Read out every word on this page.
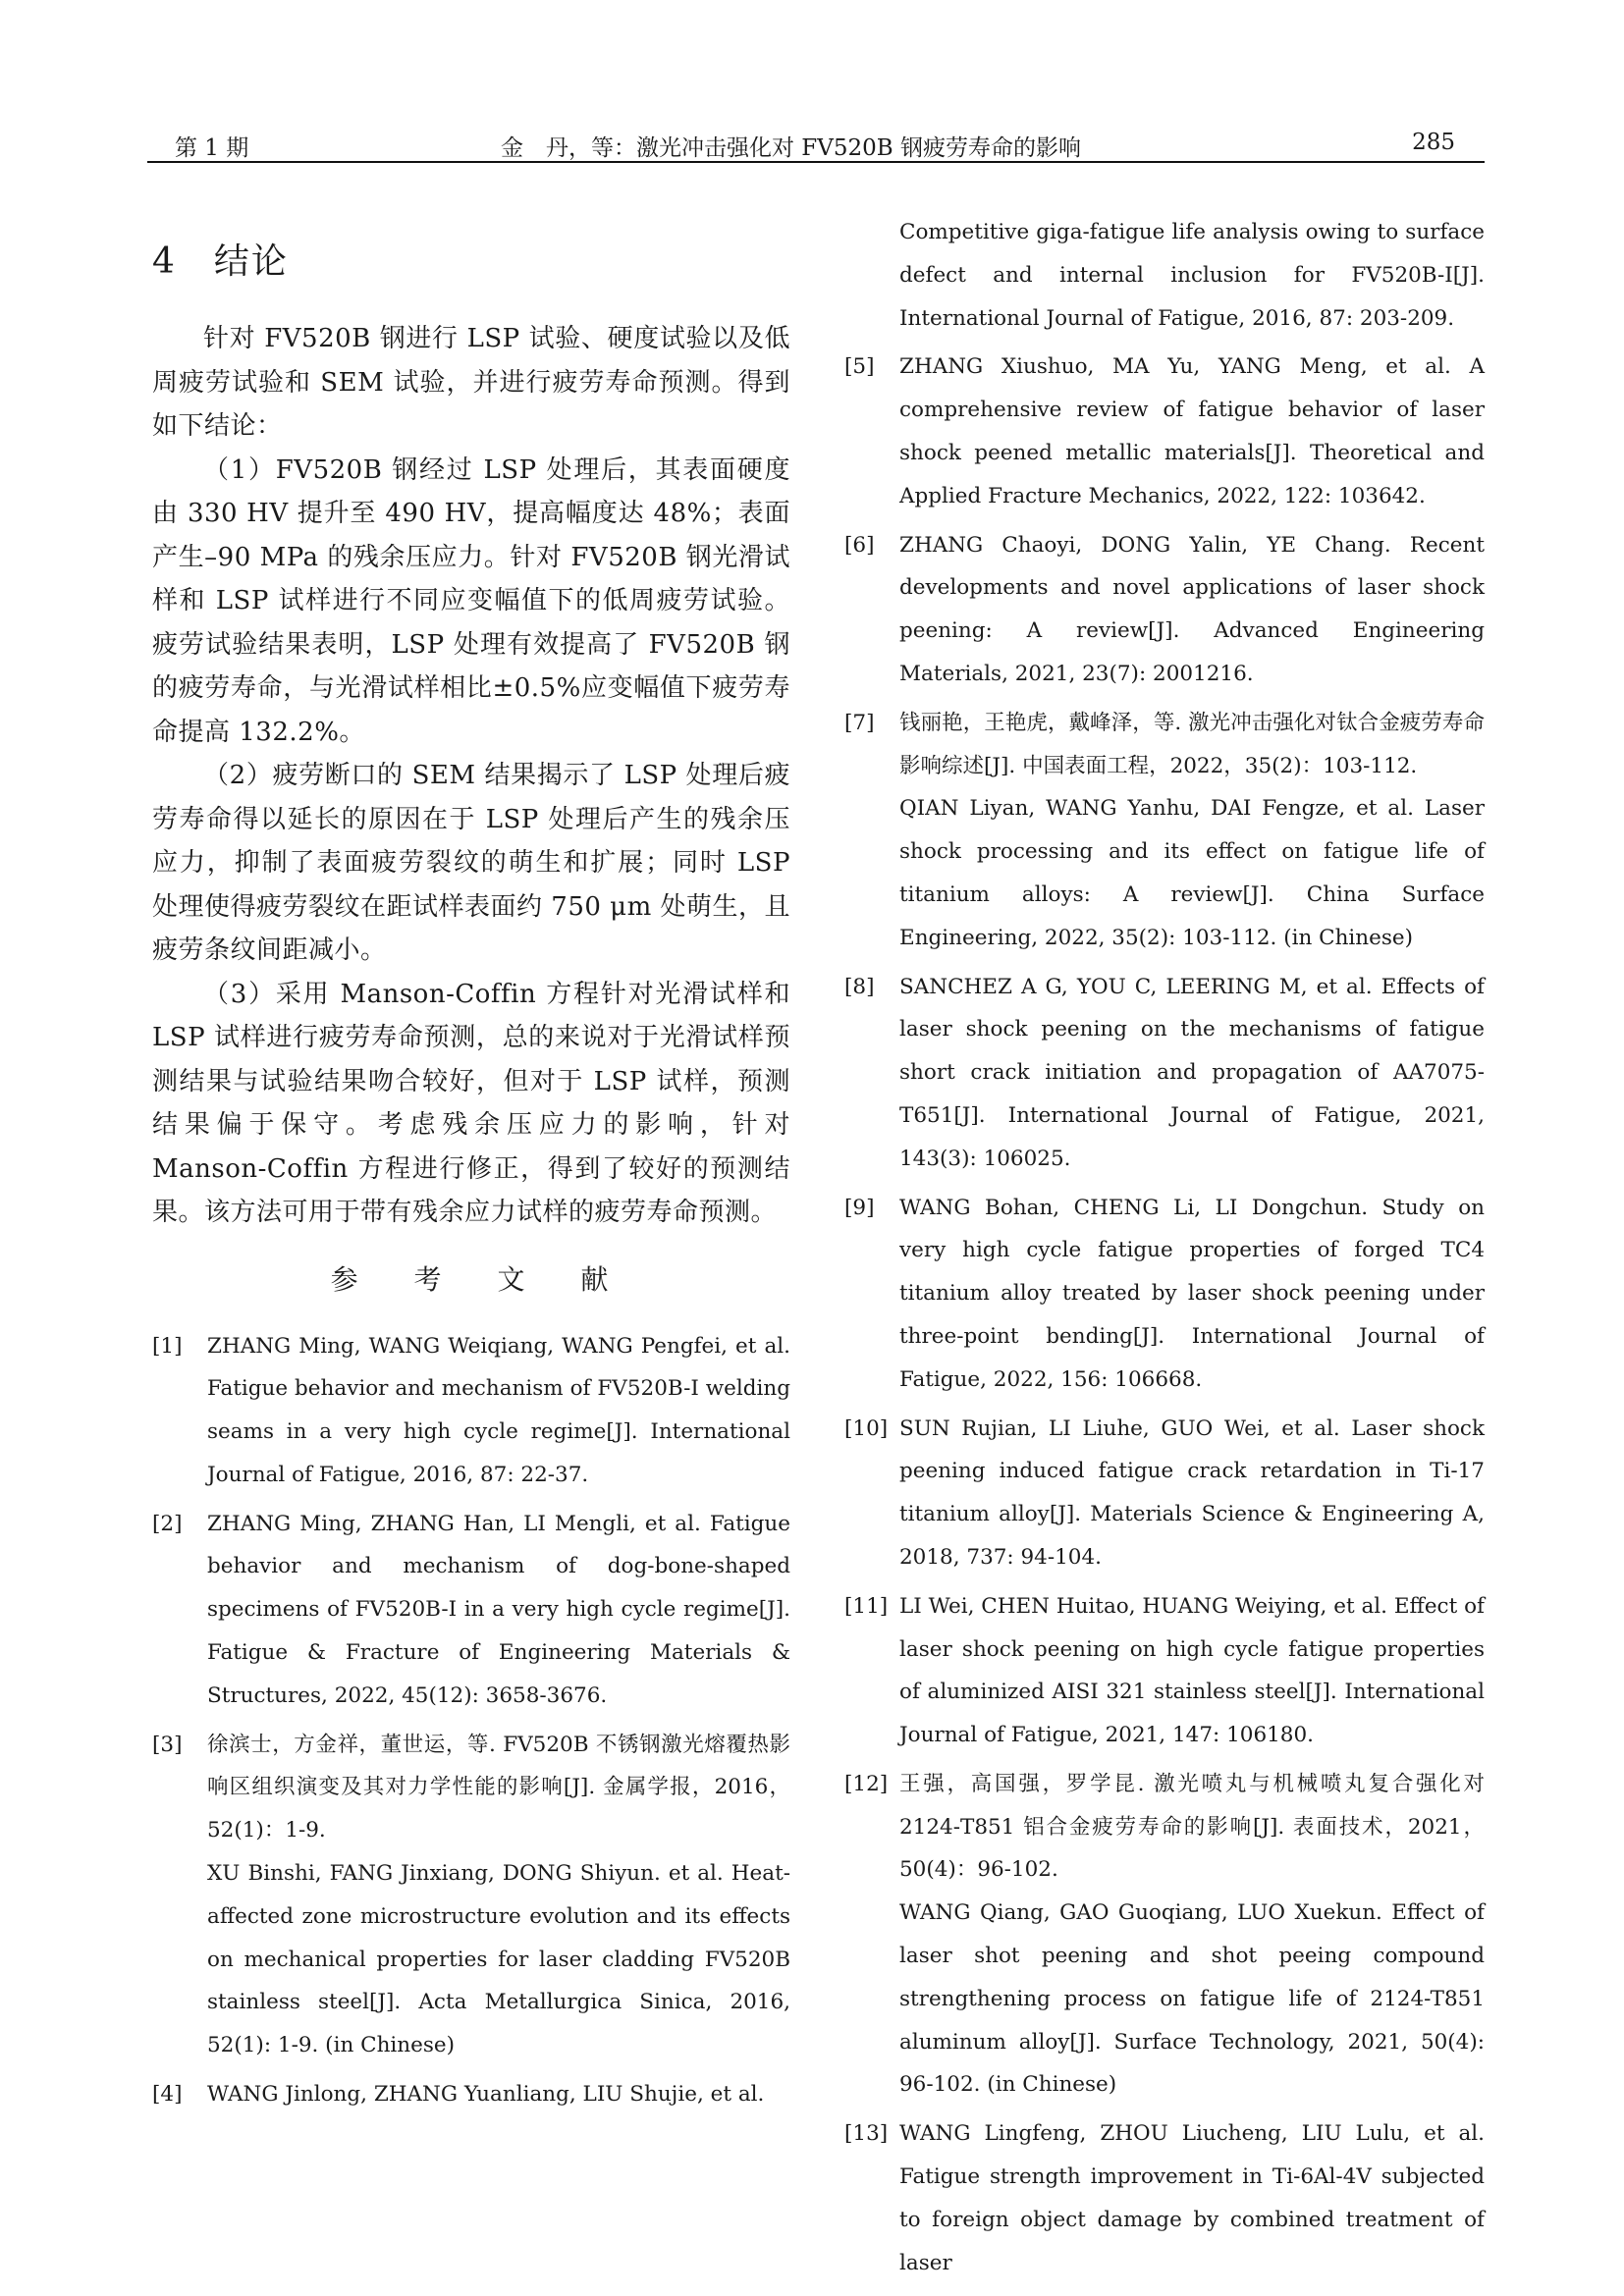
第 1 期	金　丹，等：激光冲击强化对 FV520B 钢疲劳寿命的影响	285
4　结论

针对 FV520B 钢进行 LSP 试验、硬度试验以及低周疲劳试验和 SEM 试验，并进行疲劳寿命预测。得到如下结论：

（1）FV520B 钢经过 LSP 处理后，其表面硬度由 330 HV 提升至 490 HV，提高幅度达 48%；表面产生–90 MPa 的残余压应力。针对 FV520B 钢光滑试样和 LSP 试样进行不同应变幅值下的低周疲劳试验。疲劳试验结果表明，LSP 处理有效提高了 FV520B 钢的疲劳寿命，与光滑试样相比±0.5%应变幅值下疲劳寿命提高 132.2%。

（2）疲劳断口的 SEM 结果揭示了 LSP 处理后疲劳寿命得以延长的原因在于 LSP 处理后产生的残余压应力，抑制了表面疲劳裂纹的萌生和扩展；同时 LSP 处理使得疲劳裂纹在距试样表面约 750 μm 处萌生，且疲劳条纹间距减小。

（3）采用 Manson-Coffin 方程针对光滑试样和 LSP 试样进行疲劳寿命预测，总的来说对于光滑试样预测结果与试验结果吻合较好，但对于 LSP 试样，预测结果偏于保守。考虑残余压应力的影响，针对 Manson-Coffin 方程进行修正，得到了较好的预测结果。该方法可用于带有残余应力试样的疲劳寿命预测。

参 考 文 献
[1] ZHANG Ming, WANG Weiqiang, WANG Pengfei, et al. Fatigue behavior and mechanism of FV520B-I welding seams in a very high cycle regime[J]. International Journal of Fatigue, 2016, 87: 22-37.

[2] ZHANG Ming, ZHANG Han, LI Mengli, et al. Fatigue behavior and mechanism of dog-bone-shaped specimens of FV520B-I in a very high cycle regime[J]. Fatigue & Fracture of Engineering Materials & Structures, 2022, 45(12): 3658-3676.

[3] 徐滨士，方金祥，董世运，等. FV520B 不锈钢激光熔覆热影响区组织演变及其对力学性能的影响[J]. 金属学报，2016，52(1)：1-9.

XU Binshi, FANG Jinxiang, DONG Shiyun. et al. Heat-affected zone microstructure evolution and its effects on mechanical properties for laser cladding FV520B stainless steel[J]. Acta Metallurgica Sinica, 2016, 52(1): 1-9. (in Chinese)

[4] WANG Jinlong, ZHANG Yuanliang, LIU Shujie, et al.

Competitive giga-fatigue life analysis owing to surface defect and internal inclusion for FV520B-I[J]. International Journal of Fatigue, 2016, 87: 203-209.

[5] ZHANG Xiushuo, MA Yu, YANG Meng, et al. A comprehensive review of fatigue behavior of laser shock peened metallic materials[J]. Theoretical and Applied Fracture Mechanics, 2022, 122: 103642.

[6] ZHANG Chaoyi, DONG Yalin, YE Chang. Recent developments and novel applications of laser shock peening: A review[J]. Advanced Engineering Materials, 2021, 23(7): 2001216.

[7] 钱丽艳，王艳虎，戴峰泽，等. 激光冲击强化对钛合金疲劳寿命影响综述[J]. 中国表面工程，2022，35(2)：103-112.

QIAN Liyan, WANG Yanhu, DAI Fengze, et al. Laser shock processing and its effect on fatigue life of titanium alloys: A review[J]. China Surface Engineering, 2022, 35(2): 103-112. (in Chinese)

[8] SANCHEZ A G, YOU C, LEERING M, et al. Effects of laser shock peening on the mechanisms of fatigue short crack initiation and propagation of AA7075-T651[J]. International Journal of Fatigue, 2021, 143(3): 106025.

[9] WANG Bohan, CHENG Li, LI Dongchun. Study on very high cycle fatigue properties of forged TC4 titanium alloy treated by laser shock peening under three-point bending[J]. International Journal of Fatigue, 2022, 156: 106668.

[10] SUN Rujian, LI Liuhe, GUO Wei, et al. Laser shock peening induced fatigue crack retardation in Ti-17 titanium alloy[J]. Materials Science & Engineering A, 2018, 737: 94-104.

[11] LI Wei, CHEN Huitao, HUANG Weiying, et al. Effect of laser shock peening on high cycle fatigue properties of aluminized AISI 321 stainless steel[J]. International Journal of Fatigue, 2021, 147: 106180.

[12] 王强，高国强，罗学昆. 激光喷丸与机械喷丸复合强化对 2124-T851 铝合金疲劳寿命的影响[J]. 表面技术，2021，50(4)：96-102.

WANG Qiang, GAO Guoqiang, LUO Xuekun. Effect of laser shot peening and shot peeing compound strengthening process on fatigue life of 2124-T851 aluminum alloy[J]. Surface Technology, 2021, 50(4): 96-102. (in Chinese)

[13] WANG Lingfeng, ZHOU Liucheng, LIU Lulu, et al. Fatigue strength improvement in Ti-6Al-4V subjected to foreign object damage by combined treatment of laser
